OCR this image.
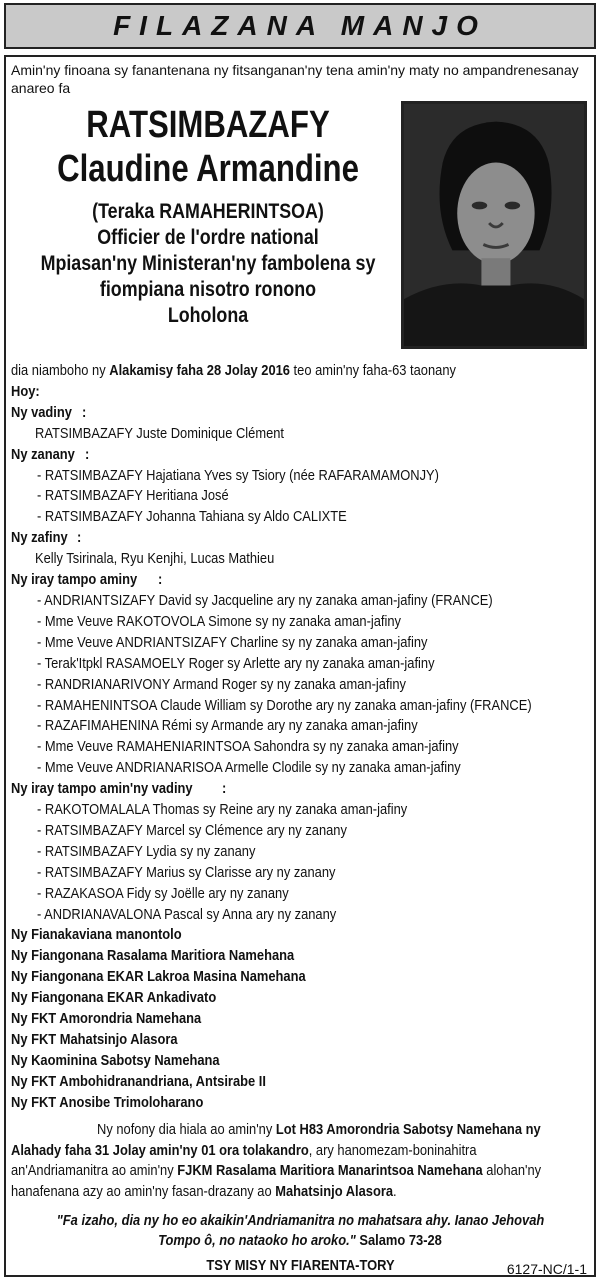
FILAZANA MANJO
Amin'ny finoana sy fanantenana ny fitsanganan'ny tena amin'ny maty no ampandrenesanay
anareo fa
RATSIMBAZAFY
Claudine Armandine
(Teraka RAMAHERINTSOA)
Officier de l'ordre national
Mpiasan'ny Ministeran'ny fambolena sy
fiompiana nisotro ronono
Loholona
dia niamboho ny Alakamisy faha 28 Jolay 2016 teo amin'ny faha-63 taonany
Hoy:
Ny vadiny :
RATSIMBAZAFY Juste Dominique Clément
Ny zanany :
- RATSIMBAZAFY Hajatiana Yves sy Tsiory (née RAFARAMAMONJY)
- RATSIMBAZAFY Heritiana José
- RATSIMBAZAFY Johanna Tahiana sy Aldo CALIXTE
Ny zafiny :
Kelly Tsirinala, Ryu Kenjhi, Lucas Mathieu
Ny iray tampo aminy :
- ANDRIANTSIZAFY David sy Jacqueline ary ny zanaka aman-jafiny (FRANCE)
- Mme Veuve RAKOTOVOLA Simone sy ny zanaka aman-jafiny
- Mme Veuve ANDRIANTSIZAFY Charline sy ny zanaka aman-jafiny
- Terak'Itpkl RASAMOELY Roger sy Arlette ary ny zanaka aman-jafiny
- RANDRIANARIVONY Armand Roger sy ny zanaka aman-jafiny
- RAMAHENINTSOA Claude William sy Dorothe ary ny zanaka aman-jafiny (FRANCE)
- RAZAFIMAHENINA Rémi sy Armande ary ny zanaka aman-jafiny
- Mme Veuve RAMAHENIARINTSOA Sahondra sy ny zanaka aman-jafiny
- Mme Veuve ANDRIANARISOA Armelle Clodile sy ny zanaka aman-jafiny
Ny iray tampo amin'ny vadiny :
- RAKOTOMALALA Thomas sy Reine ary ny zanaka aman-jafiny
- RATSIMBAZAFY Marcel sy Clémence ary ny zanany
- RATSIMBAZAFY Lydia sy ny zanany
- RATSIMBAZAFY Marius sy Clarisse ary ny zanany
- RAZAKASOA Fidy sy Joëlle ary ny zanany
- ANDRIANAVALONA Pascal sy Anna ary ny zanany
Ny Fianakaviana manontolo
Ny Fiangonana Rasalama Maritiora Namehana
Ny Fiangonana EKAR Lakroa Masina Namehana
Ny Fiangonana EKAR Ankadivato
Ny FKT Amorondria Namehana
Ny FKT Mahatsinjo Alasora
Ny Kaominina Sabotsy Namehana
Ny FKT Ambohidranandriana, Antsirabe II
Ny FKT Anosibe Trimoloharano
Ny nofony dia hiala ao amin'ny Lot H83 Amorondria Sabotsy Namehana ny
Alahady faha 31 Jolay amin'ny 01 ora tolakandro, ary hanomezam-boninahitra
an'Andriamanitra ao amin'ny FJKM Rasalama Maritiora Manarintsoa Namehana alohan'ny
hanafenana azy ao amin'ny fasan-drazany ao Mahatsinjo Alasora.
"Fa izaho, dia ny ho eo akaikin'Andriamanitra no mahatsara ahy. Ianao Jehovah
Tompo ô, no nataoko ho aroko." Salamo 73-28
TSY MISY NY FIARENTA-TORY	6127-NC/1-1
